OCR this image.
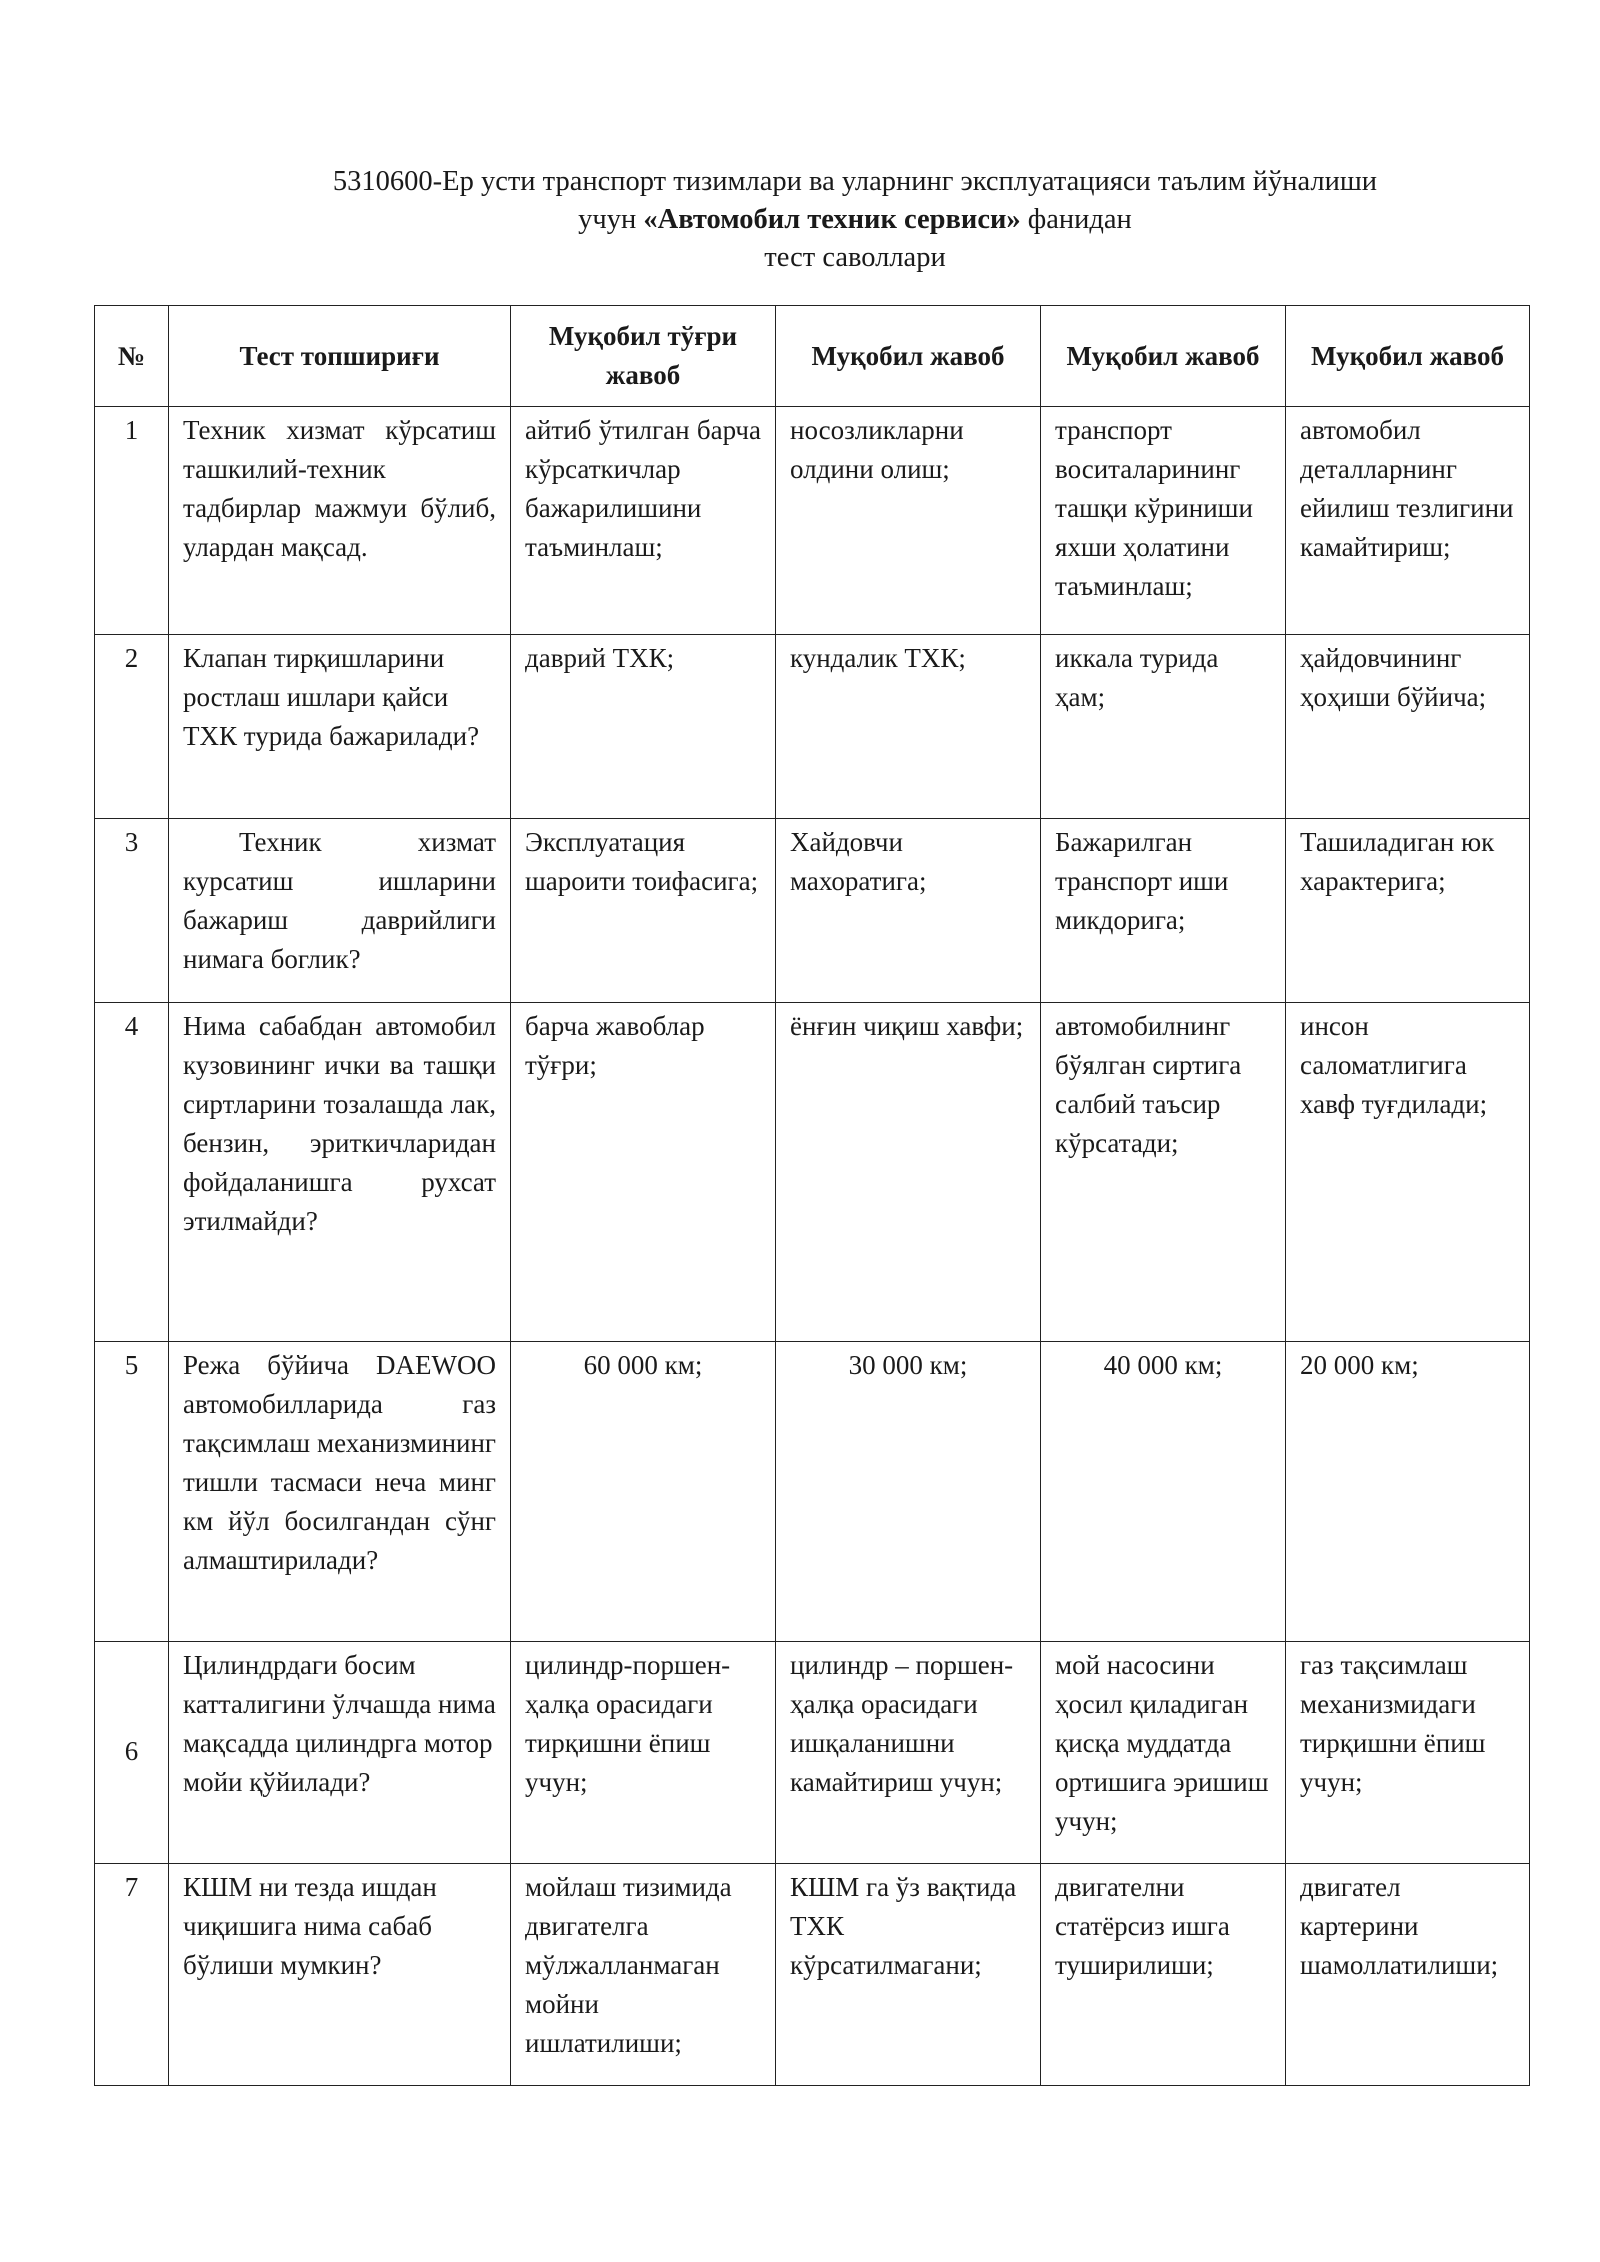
5310600-Ер усти транспорт тизимлари ва уларнинг эксплуатацияси таълим йўналиши
учун «Автомобил техник сервиси» фанидан
тест саволлари
№	Тест топшириғи	Муқобил тўғри жавоб	Муқобил жавоб	Муқобил жавоб	Муқобил жавоб
1	Техник хизмат кўрсатиш ташкилий-техник тадбирлар мажмуи бўлиб, улардан мақсад.	айтиб ўтилган барча кўрсаткичлар бажарилишини таъминлаш;	носозликларни олдини олиш;	транспорт воситаларининг ташқи кўриниши яхши ҳолатини таъминлаш;	автомобил деталларнинг ейилиш тезлигини камайтириш;
2	Клапан тирқишларини ростлаш ишлари қайси ТХК турида бажарилади?	даврий ТХК;	кундалик ТХК;	иккала турида ҳам;	ҳайдовчининг ҳоҳиши бўйича;
3	Техник хизмат курсатиш ишларини бажариш даврийлиги нимага боглик?	Эксплуатация шароити тоифасига;	Хайдовчи махоратига;	Бажарилган транспорт иши микдорига;	Ташиладиган юк характерига;
4	Нима сабабдан автомобил кузовининг ички ва ташқи сиртларини тозалашда лак, бензин, эриткичларидан фойдаланишга рухсат этилмайди?	барча жавоблар тўғри;	ёнғин чиқиш хавфи;	автомобилнинг бўялган сиртига салбий таъсир кўрсатади;	инсон саломатлигига хавф туғдилади;
5	Режа бўйича DAEWOO автомобилларида газ тақсимлаш механизмининг тишли тасмаси неча минг км йўл босилгандан сўнг алмаштирилади?	60 000 км;	30 000 км;	40 000 км;	20 000 км;
6	Цилиндрдаги босим катталигини ўлчашда нима мақсадда цилиндрга мотор мойи қўйилади?	цилиндр-поршен-ҳалқа орасидаги тирқишни ёпиш учун;	цилиндр – поршен-ҳалқа орасидаги ишқаланишни камайтириш учун;	мой насосини ҳосил қиладиган қисқа муддатда ортишига эришиш учун;	газ тақсимлаш механизмидаги тирқишни ёпиш учун;
7	КШМ ни тезда ишдан чиқишига нима сабаб бўлиши мумкин?	мойлаш тизимида двигателга мўлжалланмаган мойни ишлатилиши;	КШМ га ўз вақтида ТХК кўрсатилмагани;	двигателни статёрсиз ишга туширилиши;	двигател картерини шамоллатилиши;
